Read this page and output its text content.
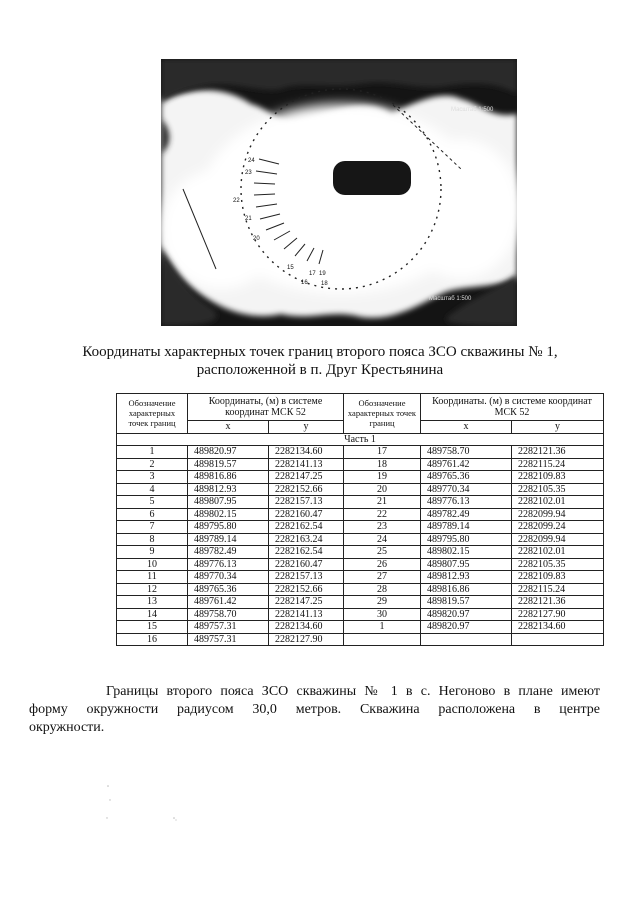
24
23
22
21
20
19
18
17
16
15
Масштаб 1:500
Масштаб 1:500
Координаты характерных точек границ второго пояса ЗСО скважины № 1,
расположенной в п. Друг Крестьянина
Обозначение характерных точек границ	Координаты, (м) в системе координат МСК 52		Обозначение характерных точек границ	Координаты. (м) в системе координат МСК 52	
	x	y		x	y
Часть 1					
1	489820.97	2282134.60	17	489758.70	2282121.36
2	489819.57	2282141.13	18	489761.42	2282115.24
3	489816.86	2282147.25	19	489765.36	2282109.83
4	489812.93	2282152.66	20	489770.34	2282105.35
5	489807.95	2282157.13	21	489776.13	2282102.01
6	489802.15	2282160.47	22	489782.49	2282099.94
7	489795.80	2282162.54	23	489789.14	2282099.24
8	489789.14	2282163.24	24	489795.80	2282099.94
9	489782.49	2282162.54	25	489802.15	2282102.01
10	489776.13	2282160.47	26	489807.95	2282105.35
11	489770.34	2282157.13	27	489812.93	2282109.83
12	489765.36	2282152.66	28	489816.86	2282115.24
13	489761.42	2282147.25	29	489819.57	2282121.36
14	489758.70	2282141.13	30	489820.97	2282127.90
15	489757.31	2282134.60	1	489820.97	2282134.60
16	489757.31	2282127.90			
Границы второго пояса ЗСО скважины № 1 в с. Негоново в плане имеют
форму окружности радиусом 30,0 метров. Скважина расположена в центре
окружности.
